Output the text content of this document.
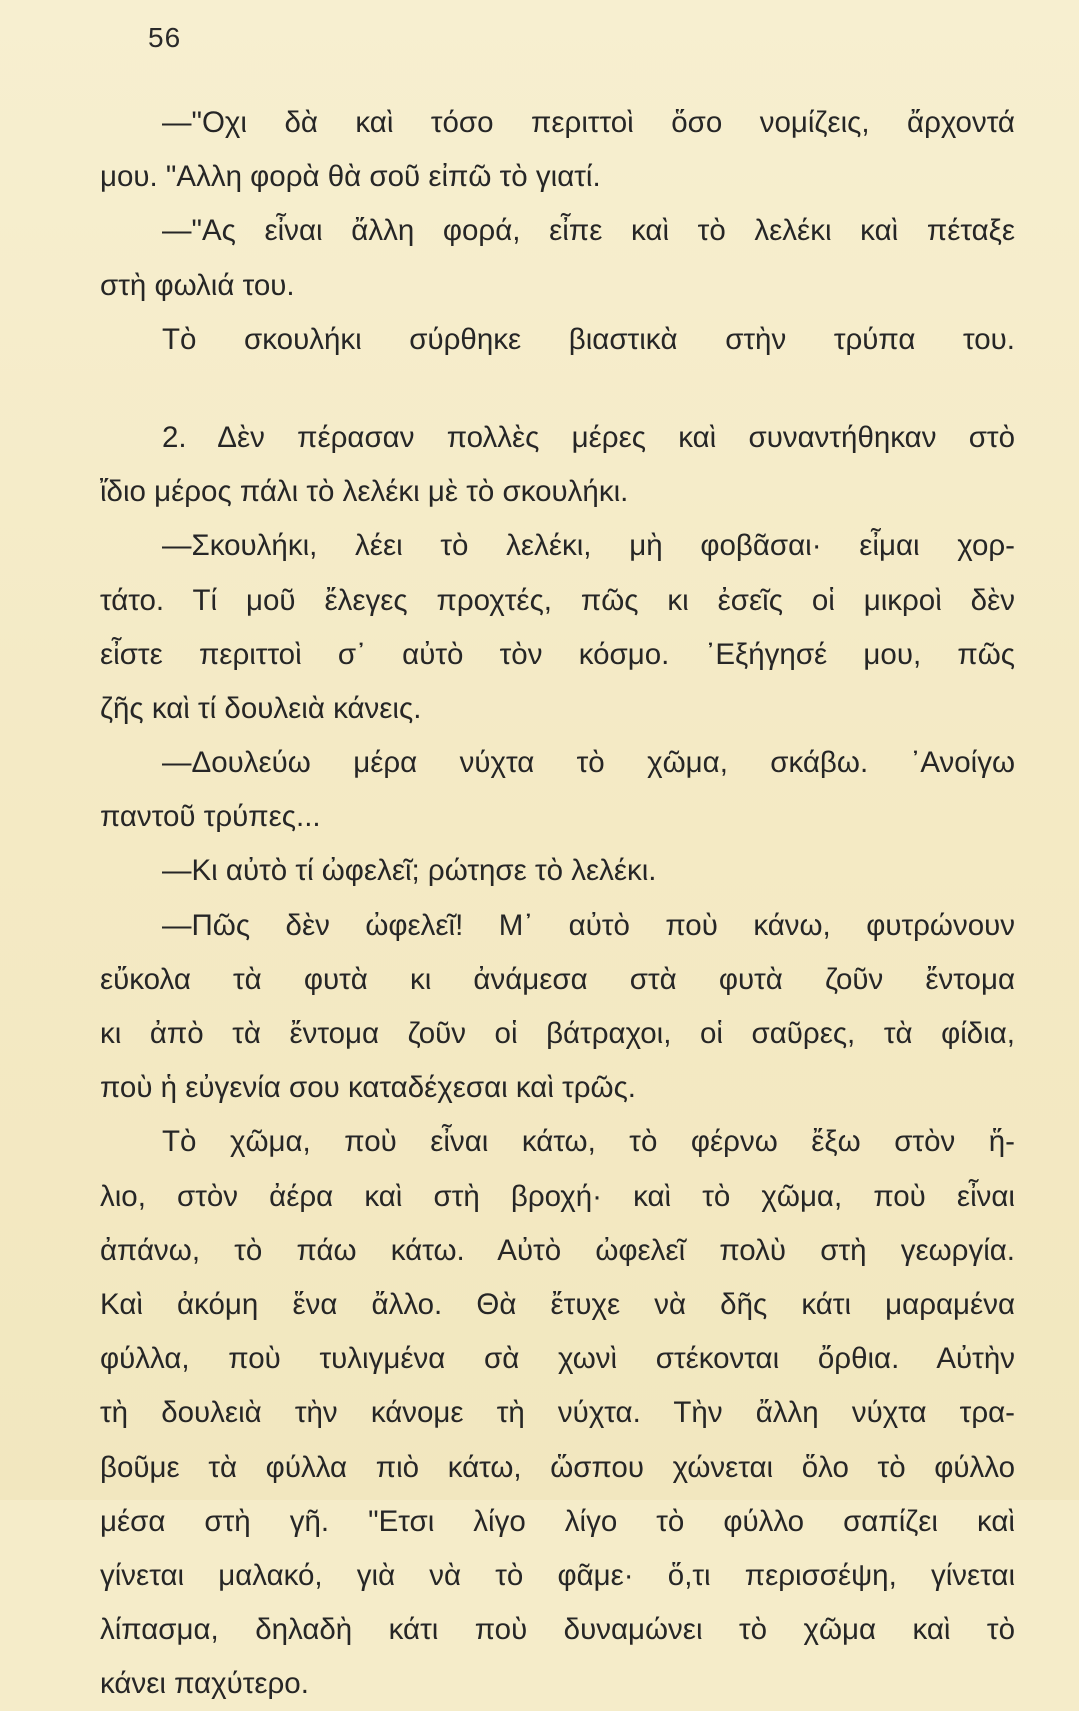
56
—"Οχι δὰ καὶ τόσο περιττοὶ ὅσο νομίζεις, ἄρχοντά
μου. "Αλλη φορὰ θὰ σοῦ εἰπῶ τὸ γιατί.
—"Ας εἶναι ἄλλη φορά, εἶπε καὶ τὸ λελέκι καὶ πέταξε
στὴ φωλιά του.
Τὸ σκουλήκι σύρθηκε βιαστικὰ στὴν τρύπα του.
2. Δὲν πέρασαν πολλὲς μέρες καὶ συναντήθηκαν στὸ
ἴδιο μέρος πάλι τὸ λελέκι μὲ τὸ σκουλήκι.
—Σκουλήκι, λέει τὸ λελέκι, μὴ φοβᾶσαι· εἶμαι χορ-
τάτο. Τί μοῦ ἔλεγες προχτές, πῶς κι ἐσεῖς οἱ μικροὶ δὲν
εἶστε περιττοὶ σ᾽ αὐτὸ τὸν κόσμο. ᾽Εξήγησέ μου, πῶς
ζῆς καὶ τί δουλειὰ κάνεις.
—Δουλεύω μέρα νύχτα τὸ χῶμα, σκάβω. ᾽Ανοίγω
παντοῦ τρύπες...
—Κι αὐτὸ τί ὠφελεῖ; ρώτησε τὸ λελέκι.
—Πῶς δὲν ὠφελεῖ! Μ᾽ αὐτὸ ποὺ κάνω, φυτρώνουν
εὔκολα τὰ φυτὰ κι ἀνάμεσα στὰ φυτὰ ζοῦν ἔντομα
κι ἀπὸ τὰ ἔντομα ζοῦν οἱ βάτραχοι, οἱ σαῦρες, τὰ φίδια,
ποὺ ἡ εὐγενία σου καταδέχεσαι καὶ τρῶς.
Τὸ χῶμα, ποὺ εἶναι κάτω, τὸ φέρνω ἔξω στὸν ἥ-
λιο, στὸν ἀέρα καὶ στὴ βροχή· καὶ τὸ χῶμα, ποὺ εἶναι
ἀπάνω, τὸ πάω κάτω. Αὐτὸ ὠφελεῖ πολὺ στὴ γεωργία.
Καὶ ἀκόμη ἕνα ἄλλο. Θὰ ἔτυχε νὰ δῆς κάτι μαραμένα
φύλλα, ποὺ τυλιγμένα σὰ χωνὶ στέκονται ὄρθια. Αὐτὴν
τὴ δουλειὰ τὴν κάνομε τὴ νύχτα. Τὴν ἄλλη νύχτα τρα-
βοῦμε τὰ φύλλα πιὸ κάτω, ὥσπου χώνεται ὅλο τὸ φύλλο
μέσα στὴ γῆ. "Ετσι λίγο λίγο τὸ φύλλο σαπίζει καὶ
γίνεται μαλακό, γιὰ νὰ τὸ φᾶμε· ὅ,τι περισσέψη, γίνεται
λίπασμα, δηλαδὴ κάτι ποὺ δυναμώνει τὸ χῶμα καὶ τὸ
κάνει παχύτερο.
